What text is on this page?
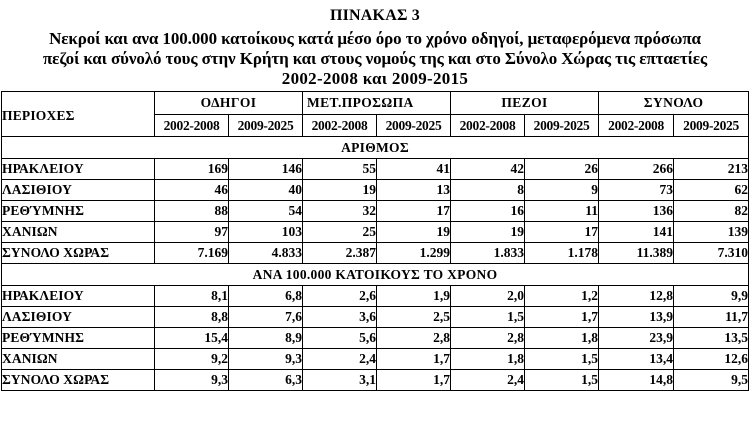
ΠΙΝΑΚΑΣ 3
Νεκροί και ανα 100.000 κατοίκους κατά μέσο όρο το χρόνο οδηγοί, μεταφερόμενα πρόσωπα
πεζοί και σύνολό τους στην Κρήτη και στους νομούς της και στο Σύνολο Χώρας τις επταετίες
2002-2008 και 2009-2015
ΠΕΡΙΟΧΕΣ	ΟΔΗΓΟΙ		ΜΕΤ.ΠΡΟΣΩΠΑ		ΠΕΖΟΙ		ΣΥΝΟΛΟ	
	2002-2008	2009-2025	2002-2008	2009-2025	2002-2008	2009-2025	2002-2008	2009-2025
ΑΡΙΘΜΟΣ								
ΗΡΑΚΛΕΙΟΥ	169	146	55	41	42	26	266	213
ΛΑΣΙΘΙΟΥ	46	40	19	13	8	9	73	62
ΡΕΘΎΜΝΗΣ	88	54	32	17	16	11	136	82
ΧΑΝΙΩΝ	97	103	25	19	19	17	141	139
ΣΥΝΟΛΟ ΧΩΡΑΣ	7.169	4.833	2.387	1.299	1.833	1.178	11.389	7.310
ΑΝΑ 100.000 ΚΑΤΟΙΚΟΥΣ ΤΟ ΧΡΟΝΟ								
ΗΡΑΚΛΕΙΟΥ	8,1	6,8	2,6	1,9	2,0	1,2	12,8	9,9
ΛΑΣΙΘΙΟΥ	8,8	7,6	3,6	2,5	1,5	1,7	13,9	11,7
ΡΕΘΎΜΝΗΣ	15,4	8,9	5,6	2,8	2,8	1,8	23,9	13,5
ΧΑΝΙΩΝ	9,2	9,3	2,4	1,7	1,8	1,5	13,4	12,6
ΣΥΝΟΛΟ ΧΩΡΑΣ	9,3	6,3	3,1	1,7	2,4	1,5	14,8	9,5
